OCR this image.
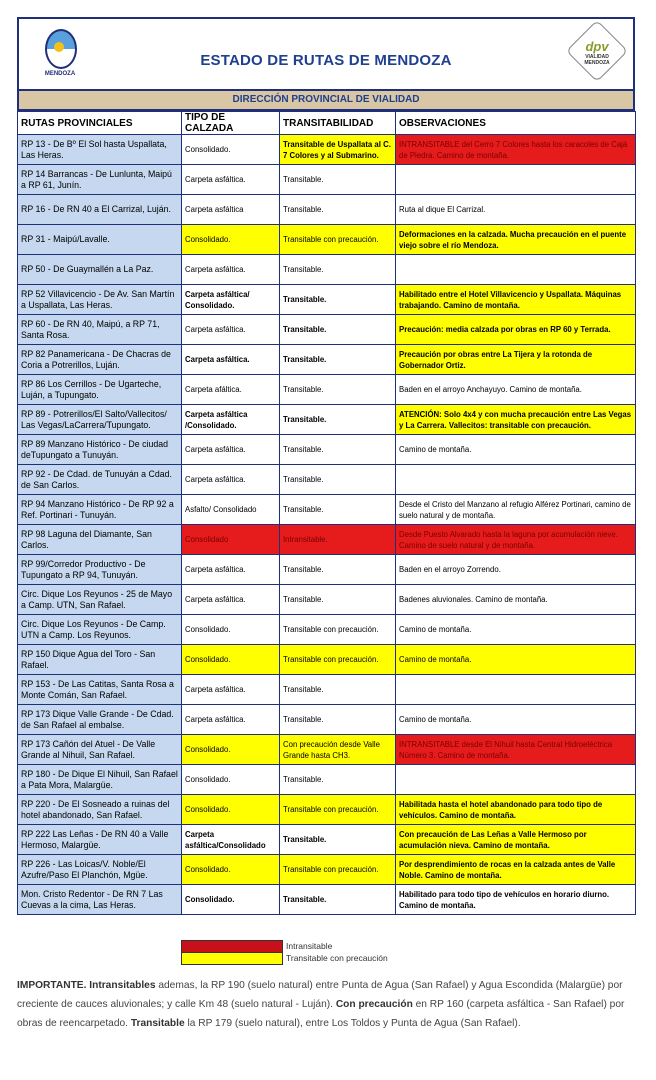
MENDOZA
ESTADO DE RUTAS DE MENDOZA
dpv
VIALIDAD MENDOZA
DIRECCIÓN PROVINCIAL DE VIALIDAD
RUTAS PROVINCIALES	TIPO DE CALZADA	TRANSITABILIDAD	OBSERVACIONES
RP 13 - De Bº El Sol hasta Uspallata, Las Heras.	Consolidado.	Transitable de Uspallata al C. 7 Colores y al Submarino.	INTRANSITABLE del Cerro 7 Colores hasta los caracoles de Cajá de Piedra. Camino de montaña.
RP 14 Barrancas - De Lunlunta, Maipú a RP 61, Junín.	Carpeta asfáltica.	Transitable.	
RP 16 - De RN 40 a El Carrizal, Luján.	Carpeta asfáltica	Transitable.	Ruta al dique El Carrizal.
RP 31 - Maipú/Lavalle.	Consolidado.	Transitable con precaución.	Deformaciones en la calzada. Mucha precaución en el puente viejo sobre el río Mendoza.
RP 50 - De Guaymallén a La Paz.	Carpeta asfáltica.	Transitable.	
RP 52 Villavicencio - De Av. San Martín a Uspallata, Las Heras.	Carpeta asfáltica/ Consolidado.	Transitable.	Habilitado entre el Hotel Villavicencio y Uspallata. Máquinas trabajando. Camino de montaña.
RP 60 - De RN 40, Maipú, a RP 71, Santa Rosa.	Carpeta asfáltica.	Transitable.	Precaución: media calzada por obras en RP 60 y Terrada.
RP 82 Panamericana - De Chacras de Coria a Potrerillos, Luján.	Carpeta asfáltica.	Transitable.	Precaución por obras entre La Tijera y la rotonda de Gobernador Ortiz.
RP 86 Los Cerrillos - De Ugarteche, Luján, a Tupungato.	Carpeta afáltica.	Transitable.	Baden en el arroyo Anchayuyo. Camino de montaña.
RP 89 - Potrerillos/El Salto/Vallecitos/ Las Vegas/LaCarrera/Tupungato.	Carpeta asfáltica /Consolidado.	Transitable.	ATENCIÓN: Solo 4x4 y con mucha precaución entre Las Vegas y La Carrera. Vallecitos: transitable con precaución.
RP 89 Manzano Histórico - De ciudad deTupungato a Tunuyán.	Carpeta asfáltica.	Transitable.	Camino de montaña.
RP 92 - De Cdad. de Tunuyán a Cdad. de San Carlos.	Carpeta asfáltica.	Transitable.	
RP 94 Manzano Histórico - De RP 92 a Ref. Portinari - Tunuyán.	Asfalto/ Consolidado	Transitable.	Desde el Cristo del Manzano al refugio Alférez Portinari, camino de suelo natural y de montaña.
RP 98 Laguna del Diamante, San Carlos.	Consolidado	Intransitable.	Desde Puesto Alvarado hasta la laguna por acumulación nieve. Camino de suelo natural y de montaña.
RP 99/Corredor Productivo - De Tupungato a RP 94, Tunuyán.	Carpeta asfáltica.	Transitable.	Baden en el arroyo Zorrendo.
Circ. Dique Los Reyunos - 25 de Mayo a Camp. UTN, San Rafael.	Carpeta asfáltica.	Transitable.	Badenes aluvionales. Camino de montaña.
Circ. Dique Los Reyunos - De Camp. UTN a Camp. Los Reyunos.	Consolidado.	Transitable con precaución.	Camino de montaña.
RP 150 Dique Agua del Toro - San Rafael.	Consolidado.	Transitable con precaución.	Camino de montaña.
RP 153 - De Las Catitas, Santa Rosa a Monte Comán, San Rafael.	Carpeta asfáltica.	Transitable.	
RP 173 Dique Valle Grande - De Cdad. de San Rafael al embalse.	Carpeta asfáltica.	Transitable.	Camino de montaña.
RP 173 Cañón del Atuel - De Valle Grande al Nihuil, San Rafael.	Consolidado.	Con precaución desde Valle Grande hasta CH3.	INTRANSITABLE desde El Nihuil hasta Central Hidroeléctrica Número 3. Camino de montaña.
RP 180 - De Dique El Nihuil, San Rafael a Pata Mora, Malargüe.	Consolidado.	Transitable.	
RP 220 - De El Sosneado a ruinas del hotel abandonado, San Rafael.	Consolidado.	Transitable con precaución.	Habilitada hasta el hotel abandonado para todo tipo de vehículos. Camino de montaña.
RP 222 Las Leñas - De RN 40 a Valle Hermoso, Malargüe.	Carpeta asfáltica/Consolidado	Transitable.	Con precaución de Las Leñas a Valle Hermoso por acumulación nieva. Camino de montaña.
RP 226 - Las Loicas/V. Noble/El Azufre/Paso El Planchón, Mgüe.	Consolidado.	Transitable con precaución.	Por desprendimiento de rocas en la calzada antes de Valle Noble. Camino de montaña.
Mon. Cristo Redentor - De RN 7 Las Cuevas a la cima, Las Heras.	Consolidado.	Transitable.	Habilitado para todo tipo de vehículos en horario diurno. Camino de montaña.
Intransitable
Transitable con precaución
IMPORTANTE. Intransitables ademas, la RP 190 (suelo natural) entre Punta de Agua (San Rafael) y Agua Escondida (Malargüe) por creciente de cauces aluvionales; y calle Km 48 (suelo natural - Luján). Con precaución en RP 160 (carpeta asfáltica - San Rafael) por obras de reencarpetado. Transitable la RP 179 (suelo natural), entre Los Toldos y Punta de Agua (San Rafael).
